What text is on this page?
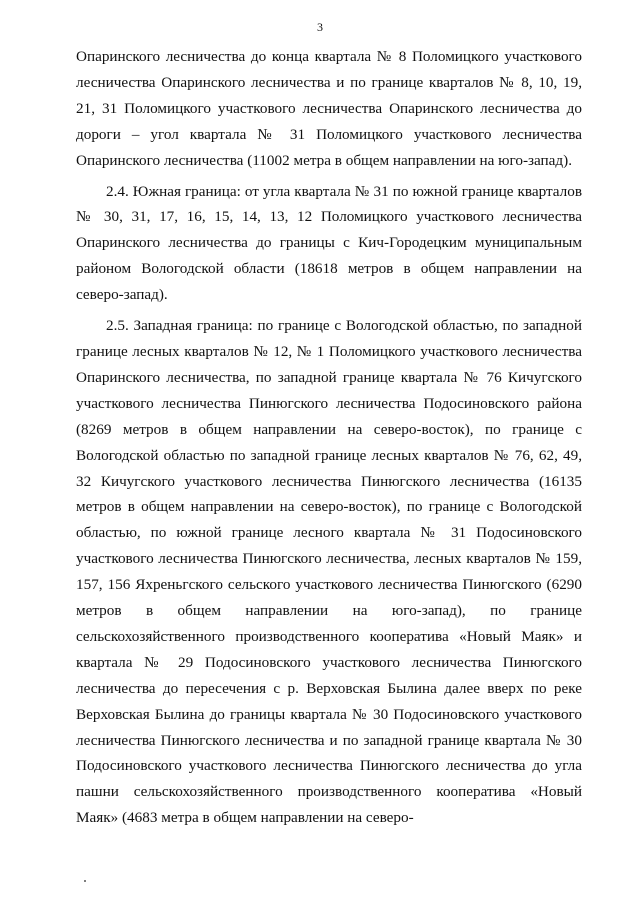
3

Опаринского лесничества до конца квартала № 8 Поломицкого участкового лесничества Опаринского лесничества и по границе кварталов № 8, 10, 19, 21, 31 Поломицкого участкового лесничества Опаринского лесничества до дороги – угол квартала № 31 Поломицкого участкового лесничества Опаринского лесничества (11002 метра в общем направлении на юго-запад).

2.4. Южная граница: от угла квартала № 31 по южной границе кварталов № 30, 31, 17, 16, 15, 14, 13, 12 Поломицкого участкового лесничества Опаринского лесничества до границы с Кич-Городецким муниципальным районом Вологодской области (18618 метров в общем направлении на северо-запад).

2.5. Западная граница: по границе с Вологодской областью, по западной границе лесных кварталов № 12, № 1 Поломицкого участкового лесничества Опаринского лесничества, по западной границе квартала № 76 Кичугского участкового лесничества Пинюгского лесничества Подосиновского района (8269 метров в общем направлении на северо-восток), по границе с Вологодской областью по западной границе лесных кварталов № 76, 62, 49, 32 Кичугского участкового лесничества Пинюгского лесничества (16135 метров в общем направлении на северо-восток), по границе с Вологодской областью, по южной границе лесного квартала № 31 Подосиновского участкового лесничества Пинюгского лесничества, лесных кварталов № 159, 157, 156 Яхреньгского сельского участкового лесничества Пинюгского (6290 метров в общем направлении на юго-запад), по границе сельскохозяйственного производственного кооператива «Новый Маяк» и квартала № 29 Подосиновского участкового лесничества Пинюгского лесничества до пересечения с р. Верховская Былина далее вверх по реке Верховская Былина до границы квартала № 30 Подосиновского участкового лесничества Пинюгского лесничества и по западной границе квартала № 30 Подосиновского участкового лесничества Пинюгского лесничества до угла пашни сельскохозяйственного производственного кооператива «Новый Маяк» (4683 метра в общем направлении на северо-
